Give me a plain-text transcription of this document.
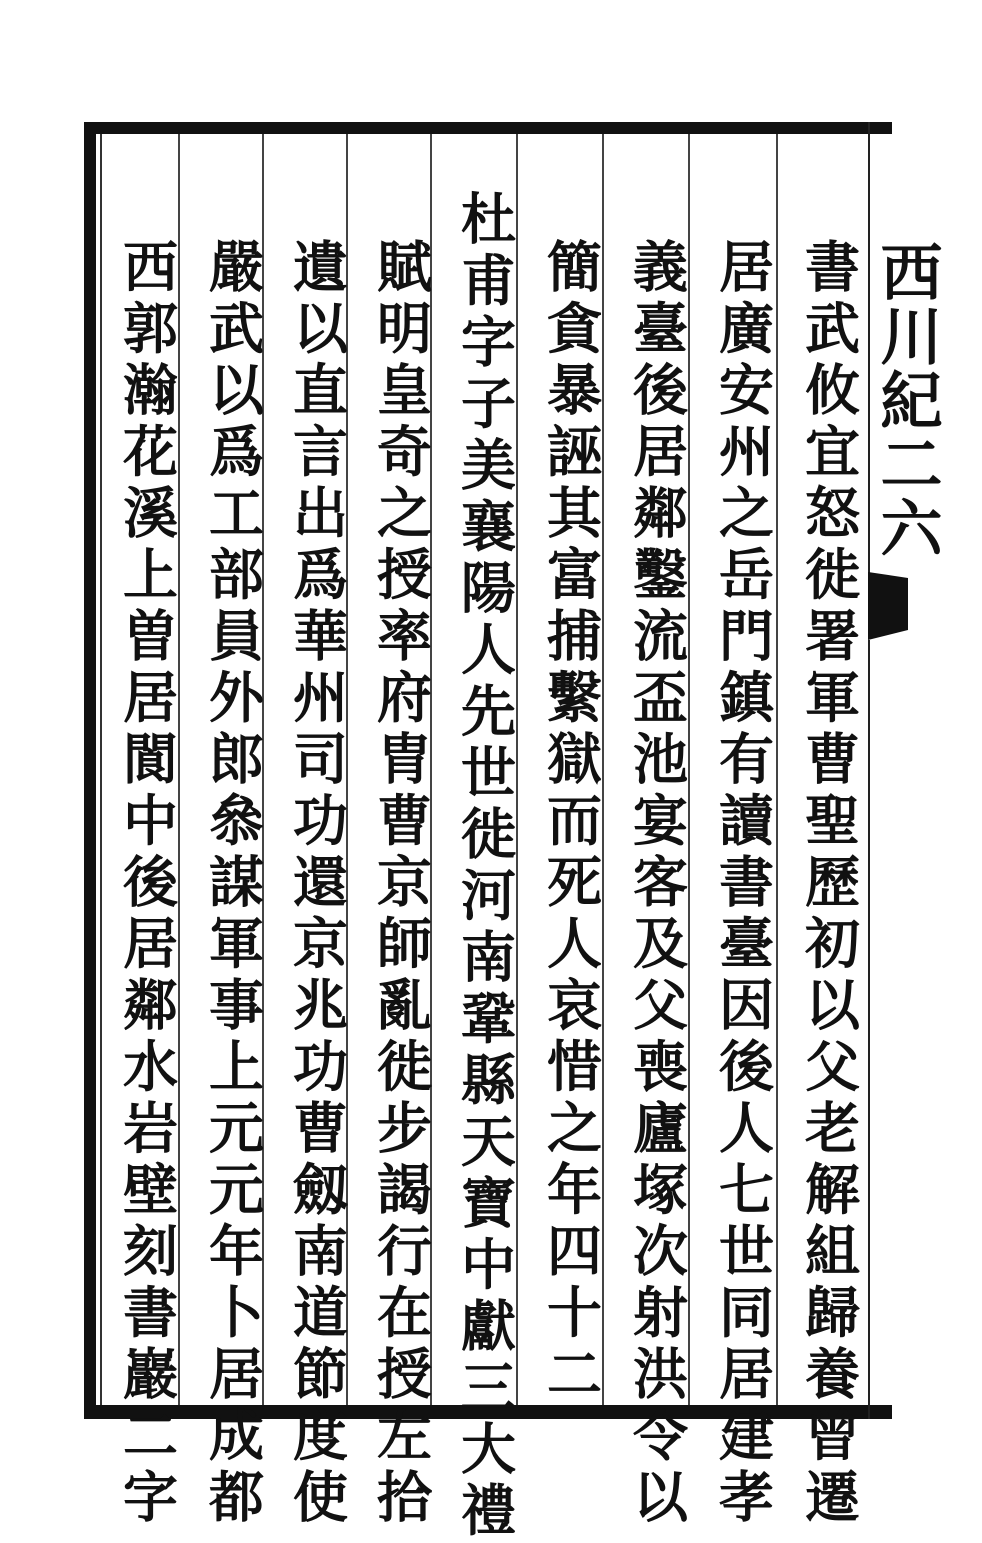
西川紀二六
書武攸宜怒徙署軍曹聖歷初以父老解組歸養曾遷
居廣安州之岳門鎮有讀書臺因後人七世同居建孝
義臺後居鄰鑿流盃池宴客及父喪廬塚次射洪令以
簡貪暴誣其富捕繫獄而死人哀惜之年四十二
杜甫字子美襄陽人先世徙河南鞏縣天寶中獻三大禮
賦明皇奇之授率府胄曹京師亂徙步謁行在授左拾
遺以直言出爲華州司功還京兆功曹劔南道節度使
嚴武以爲工部員外郎叅謀軍事上元元年卜居成都
西郭瀚花溪上曽居閬中後居鄰水岩壁刻書巖二字
